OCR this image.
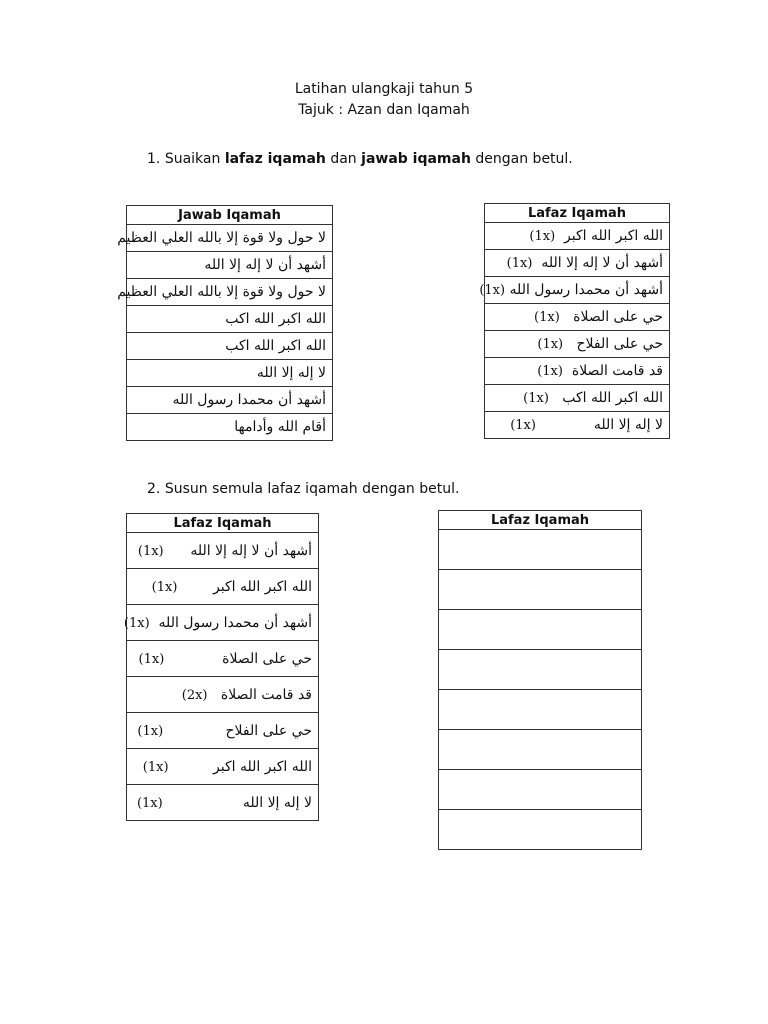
Latihan ulangkaji tahun 5
Tajuk : Azan dan Iqamah
1. Suaikan lafaz iqamah dan jawab iqamah dengan betul.
Jawab Iqamah
لا حول ولا قوة إلا بالله العلي العظيم
أشهد أن لا إله إلا الله
لا حول ولا قوة إلا بالله العلي العظيم
الله اكبر الله اكب
الله اكبر الله اكب
لا إله إلا الله
أشهد أن محمدا رسول الله
أقام الله وأدامها
Lafaz Iqamah
الله اكبر الله اكبر  (1x)
أشهد أن لا إله إلا الله  (1x)
أشهد أن محمدا رسول الله (1x)
حي على الصلاة   (1x)
حي على الفلاح   (1x)
قد قامت الصلاة  (1x)
الله اكبر الله اكب   (1x)
لا إله إلا الله             (1x)
2. Susun semula lafaz iqamah dengan betul.
Lafaz Iqamah
أشهد أن لا إله إلا الله      (1x)
الله اكبر الله اكبر        (1x)
أشهد أن محمدا رسول الله  (1x)
حي على الصلاة             (1x)
قد قامت الصلاة   (2x)
حي على الفلاح              (1x)
الله اكبر الله اكبر          (1x)
لا إله إلا الله                  (1x)
Lafaz Iqamah
